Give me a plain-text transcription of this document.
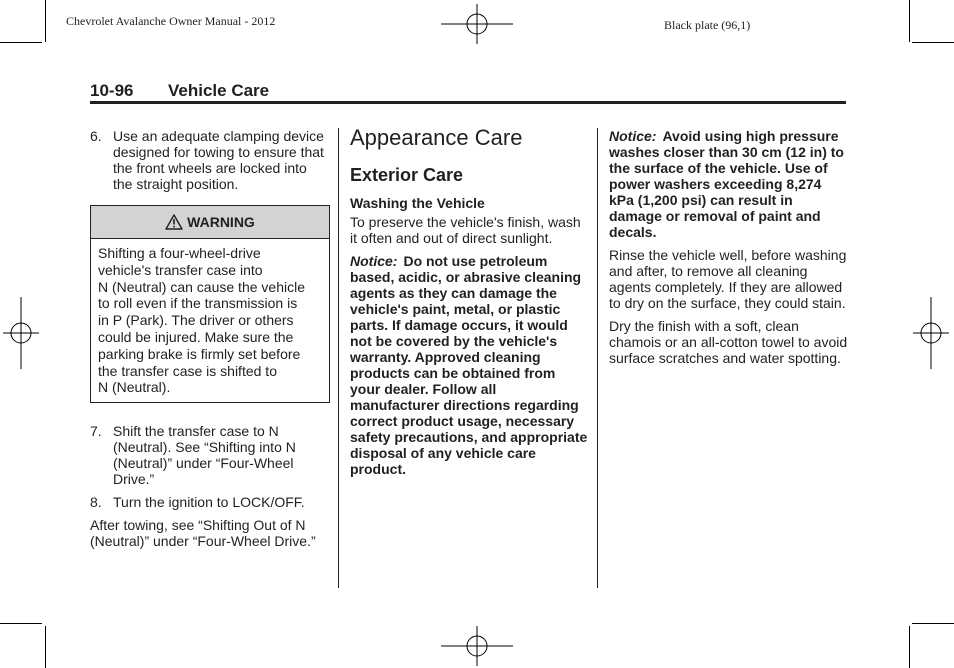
Chevrolet Avalanche Owner Manual - 2012	Black plate (96,1)
10-96 Vehicle Care
6. Use an adequate clamping device designed for towing to ensure that the front wheels are locked into the straight position.
WARNING
Shifting a four-wheel-drive
vehicle's transfer case into
N (Neutral) can cause the vehicle
to roll even if the transmission is
in P (Park). The driver or others
could be injured. Make sure the
parking brake is firmly set before
the transfer case is shifted to
N (Neutral).
7. Shift the transfer case to N (Neutral). See “Shifting into N (Neutral)” under “Four-Wheel Drive.”
8. Turn the ignition to LOCK/OFF.

After towing, see “Shifting Out of N (Neutral)” under “Four-Wheel Drive.”

Appearance Care
Exterior Care
Washing the Vehicle

To preserve the vehicle's finish, wash it often and out of direct sunlight.

Notice: Do not use petroleum based, acidic, or abrasive cleaning agents as they can damage the vehicle's paint, metal, or plastic parts. If damage occurs, it would not be covered by the vehicle's warranty. Approved cleaning products can be obtained from your dealer. Follow all manufacturer directions regarding correct product usage, necessary safety precautions, and appropriate disposal of any vehicle care product.

Notice: Avoid using high pressure washes closer than 30 cm (12 in) to the surface of the vehicle. Use of power washers exceeding 8,274 kPa (1,200 psi) can result in damage or removal of paint and decals.

Rinse the vehicle well, before washing and after, to remove all cleaning agents completely. If they are allowed to dry on the surface, they could stain.

Dry the finish with a soft, clean chamois or an all-cotton towel to avoid surface scratches and water spotting.
